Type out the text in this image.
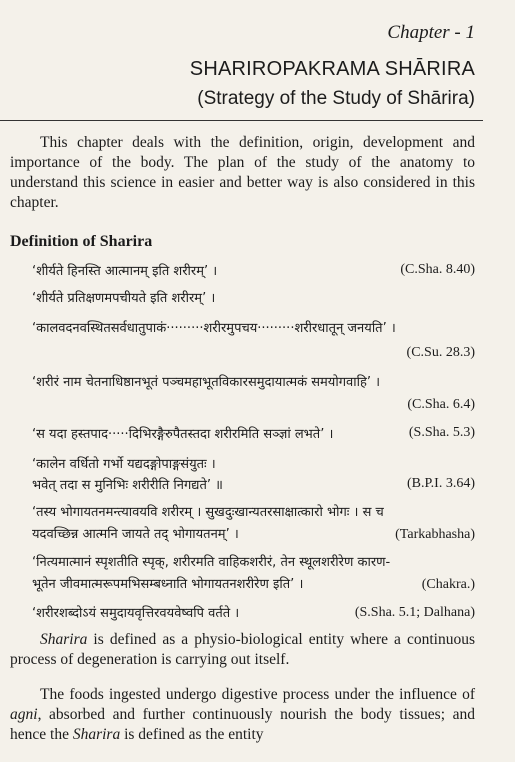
Chapter - 1
SHARIROPAKRAMA SHĀRIRA
(Strategy of the Study of Shārira)
This chapter deals with the definition, origin, development and importance of the body. The plan of the study of the anatomy to understand this science in easier and better way is also considered in this chapter.
Definition of Sharira
‘शीर्यते हिनस्ति आत्मानम् इति शरीरम्’ ।	(C.Sha. 8.40)
‘शीर्यते प्रतिक्षणमपचीयते इति शरीरम्’ ।
‘कालवदनवस्थितसर्वधातुपाकं·········शरीरमुपचय·········शरीरधातून् जनयति’ ।
(C.Su. 28.3)
‘शरीरं नाम चेतनाधिष्ठानभूतं पञ्चमहाभूतविकारसमुदायात्मकं समयोगवाहि’ ।
(C.Sha. 6.4)
‘स यदा हस्तपाद·····दिभिरङ्गैरुपैतस्तदा शरीरमिति सञ्ज्ञां लभते’ ।	(S.Sha. 5.3)
‘कालेन वर्धितो गर्भो यद्यदङ्गोपाङ्गसंयुतः ।
भवेत् तदा स मुनिभिः शरीरीति निगद्यते’ ॥	(B.P.I. 3.64)
‘तस्य भोगायतनमन्त्यावयवि शरीरम् । सुखदुःखान्यतरसाक्षात्कारो भोगः । स च
यदवच्छिन्न आत्मनि जायते तद् भोगायतनम्’ ।	(Tarkabhasha)
‘नित्यमात्मानं स्पृशतीति स्पृक्, शरीरमति वाहिकशरीरं, तेन स्थूलशरीरेण कारण-
भूतेन जीवमात्मरूपमभिसम्बध्नाति भोगायतनशरीरेण इति’ ।	(Chakra.)
‘शरीरशब्दोऽयं समुदायवृत्तिरवयवेष्वपि वर्तते ।	(S.Sha. 5.1; Dalhana)
Sharira is defined as a physio-biological entity where a continuous process of degeneration is carrying out itself.
The foods ingested undergo digestive process under the influence of agni, absorbed and further continuously nourish the body tissues; and hence the Sharira is defined as the entity
